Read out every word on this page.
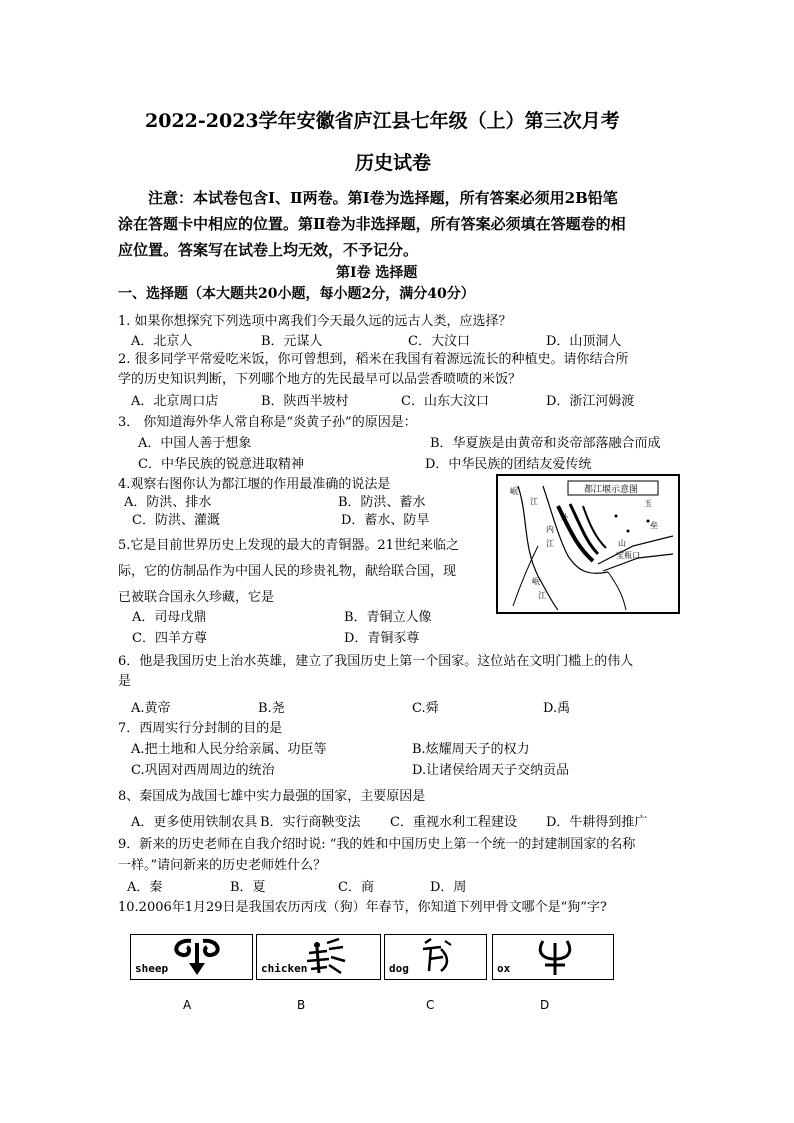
2022-2023学年安徽省庐江县七年级（上）第三次月考
历史试卷
注意：本试卷包含Ⅰ、Ⅱ两卷。第Ⅰ卷为选择题，所有答案必须用2B铅笔
涂在答题卡中相应的位置。第Ⅱ卷为非选择题，所有答案必须填在答题卷的相
应位置。答案写在试卷上均无效，不予记分。
第Ⅰ卷 选择题
一、选择题（本大题共20小题，每小题2分，满分40分）
1. 如果你想探究下列选项中离我们今天最久远的远古人类，应选择？
A．北京人	B．元谋人	C．大汶口	D．山顶洞人
2. 很多同学平常爱吃米饭，你可曾想到，稻米在我国有着源远流长的种植史。请你结合所
学的历史知识判断，下列哪个地方的先民最早可以品尝香喷喷的米饭？
A．北京周口店	B．陕西半坡村	C．山东大汶口	D．浙江河姆渡
3． 你知道海外华人常自称是“炎黄子孙”的原因是：
A．中国人善于想象	B．华夏族是由黄帝和炎帝部落融合而成
C．中华民族的锐意进取精神	D．中华民族的团结友爱传统
4.观察右图你认为都江堰的作用最准确的说法是
A．防洪、排水	B．防洪、蓄水
C．防洪、灌溉	D．蓄水、防旱
都江堰示意图
岷
江
内
外
江
玉
垒
山
宝瓶口
岷
江
5.它是目前世界历史上发现的最大的青铜器。21世纪来临之
际，它的仿制品作为中国人民的珍贵礼物，献给联合国，现
已被联合国永久珍藏，它是
A．司母戊鼎	B．青铜立人像
C．四羊方尊	D．青铜豕尊
6．他是我国历史上治水英雄，建立了我国历史上第一个国家。这位站在文明门槛上的伟人
是
A.黄帝	B.尧	C.舜	D.禹
7．西周实行分封制的目的是
A.把土地和人民分给亲属、功臣等	B.炫耀周天子的权力
C.巩固对西周周边的统治	D.让诸侯给周天子交纳贡品
8、秦国成为战国七雄中实力最强的国家，主要原因是
A．更多使用铁制农具 B．实行商鞅变法 C．重视水利工程建设 D．牛耕得到推广
9．新来的历史老师在自我介绍时说: “我的姓和中国历史上第一个统一的封建制国家的名称
一样。”请问新来的历史老师姓什么？
A．秦	B．夏	C．商	D．周
10.2006年1月29日是我国农历丙戌（狗）年春节，你知道下列甲骨文哪个是“狗”字?
sheep	chicken	dog	ox
A	B	C	D
